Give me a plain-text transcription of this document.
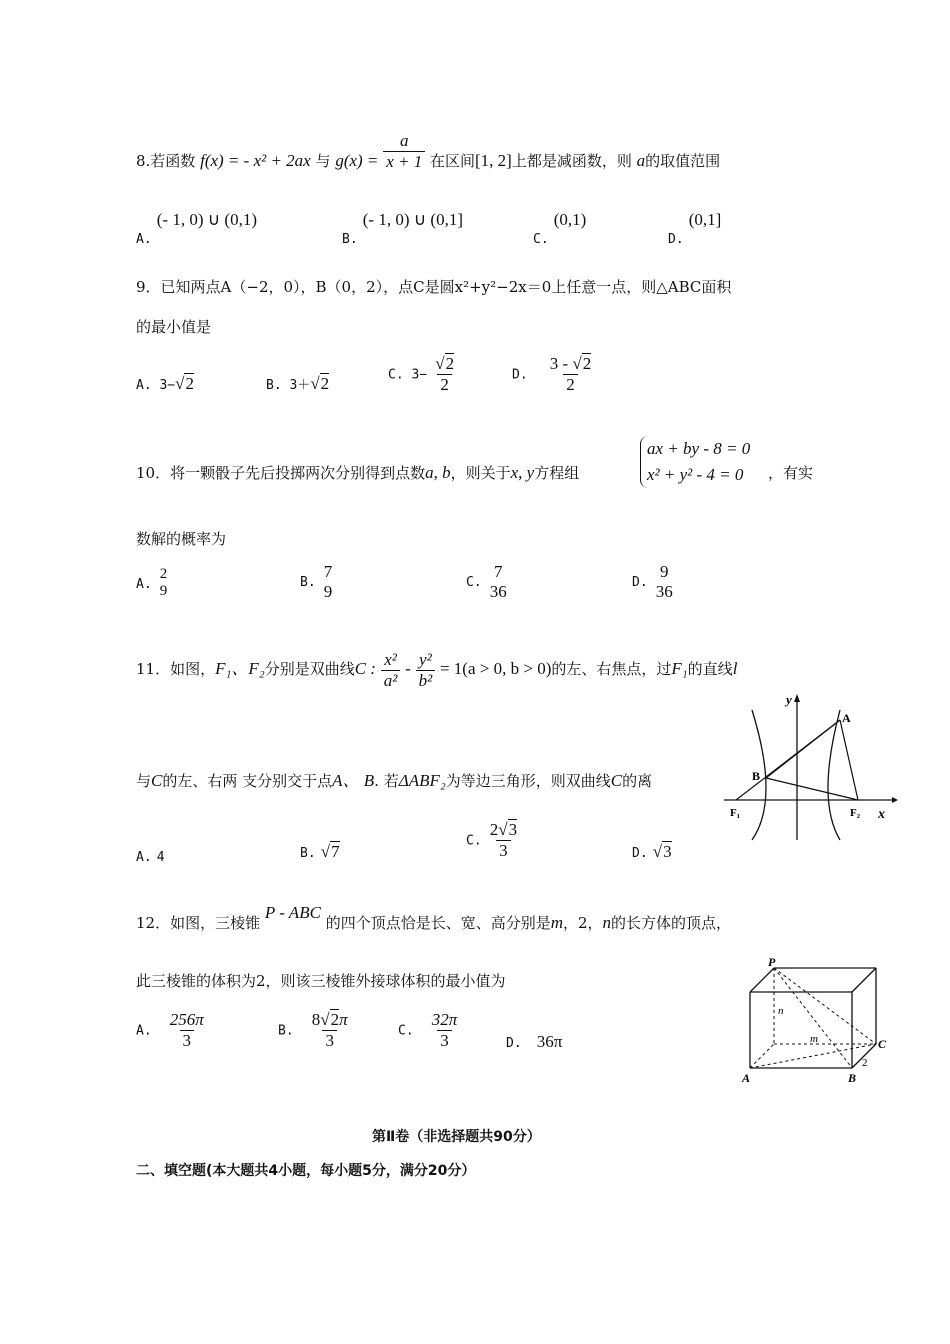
8.若函数 f(x) = - x² + 2ax 与 $g(x) = \frac{a}{x + 1}$ 在区间[1, 2]上都是减函数，则 a的取值范围
$_{A.}$ (- 1, 0) ∪ (0,1)
$_{B.}$ (- 1, 0) ∪ (0,1]
$_{C.}$ (0,1)
$_{D.}$ (0,1]
9．已知两点A（−2，0），B（0，2），点C是圆x²+y²−2x＝0上任意一点，则△ABC面积
的最小值是
A. 3−√2	B. 3＋√2	C. $3- \frac{√2}{2}$	D. $\frac{3 - √2}{2}$
10．将一颗骰子先后投掷两次分别得到点数a, b，则关于x, y方程组
ax + by - 8 = 0
x² + y² - 4 = 0	，有实
数解的概率为
A.
2
9
B.
7
9	C.
7
36	D.
9
36
11．如图，F₁、F₂分别是双曲线C : $\frac{\text{x²}}{\text{a²}} - \frac{\text{y²}}{\text{b²}} = 1(a > 0$, b > 0)的左、右焦点，过F₁的直线l
与C的左、右两 支分别交于点A、 B. 若ΔABF₂为等边三角形，则双曲线C的离
y
x
A
B
F₁	F₂
A. 4	B. √7
C. $\frac{2√3}{3}$	D. √3
12．如图，三棱锥 P - ABC 的四个顶点恰是长、宽、高分别是m，2，n的长方体的顶点，
此三棱锥的体积为2，则该三棱锥外接球体积的最小值为
P
A	B
C
n
m
2
A. $\frac{256\pi}{3}$	B. $\frac{8√2\pi}{3}$	C. $\frac{32\pi}{3}$	D. 36π
第Ⅱ卷（非选择题共90分）
二、填空题(本大题共4小题，每小题5分，满分20分）
